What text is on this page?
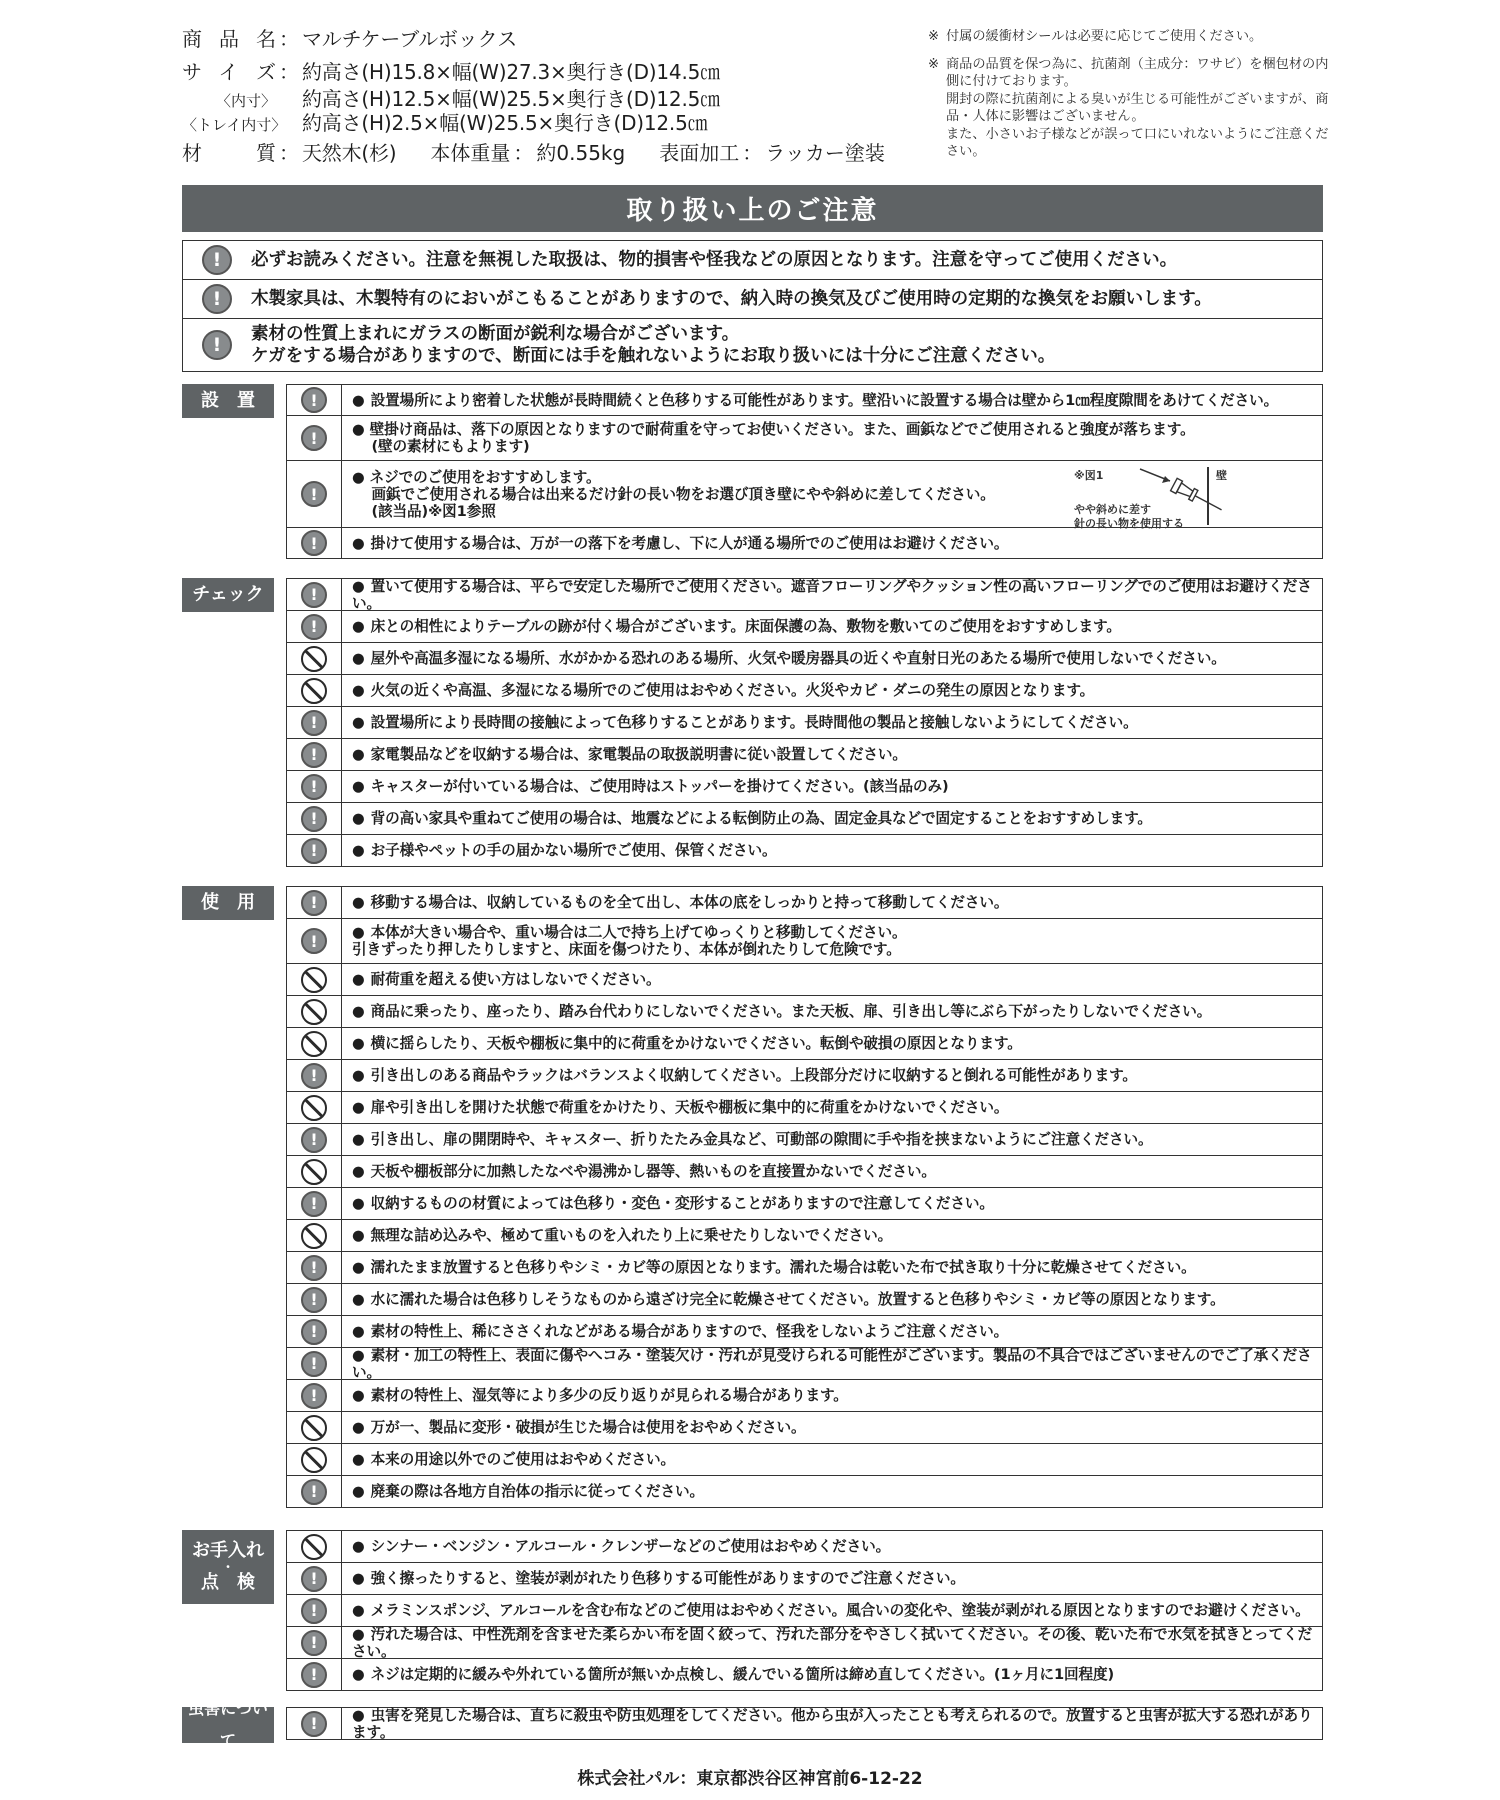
商品名 ： マルチケーブルボックス
サイズ ： 約高さ(H)15.8×幅(W)27.3×奥行き(D)14.5㎝
〈内寸〉 約高さ(H)12.5×幅(W)25.5×奥行き(D)12.5㎝
〈トレイ内寸〉 約高さ(H)2.5×幅(W)25.5×奥行き(D)12.5㎝
材　質 ： 天然木(杉) 本体重量 ： 約0.55kg 表面加工 ： ラッカー塗装
※ 付属の緩衝材シールは必要に応じてご使用ください。
※ 商品の品質を保つ為に、抗菌剤（主成分：ワサビ）を梱包材の内側に付けております。
開封の際に抗菌剤による臭いが生じる可能性がございますが、商品・人体に影響はございません。
また、小さいお子様などが誤って口にいれないようにご注意ください。
取り扱い上のご注意
!	必ずお読みください。注意を無視した取扱は、物的損害や怪我などの原因となります。注意を守ってご使用ください。
!	木製家具は、木製特有のにおいがこもることがありますので、納入時の換気及びご使用時の定期的な換気をお願いします。
!	素材の性質上まれにガラスの断面が鋭利な場合がございます。
ケガをする場合がありますので、断面には手を触れないようにお取り扱いには十分にご注意ください。
設　置	!	● 設置場所により密着した状態が長時間続くと色移りする可能性があります。壁沿いに設置する場合は壁から1㎝程度隙間をあけてください。
!	● 壁掛け商品は、落下の原因となりますので耐荷重を守ってお使いください。また、画鋲などでご使用されると強度が落ちます。
　 (壁の素材にもよります)
!
● ネジでのご使用をおすすめします。
　 画鋲でご使用される場合は出来るだけ針の長い物をお選び頂き壁にやや斜めに差してください。
　 (該当品)※図1参照
※図1	壁
やや斜めに差す
針の長い物を使用する
!	● 掛けて使用する場合は、万が一の落下を考慮し、下に人が通る場所でのご使用はお避けください。
チェック	!	● 置いて使用する場合は、平らで安定した場所でご使用ください。遮音フローリングやクッション性の高いフローリングでのご使用はお避けください。
!	● 床との相性によりテーブルの跡が付く場合がございます。床面保護の為、敷物を敷いてのご使用をおすすめします。
● 屋外や高温多湿になる場所、水がかかる恐れのある場所、火気や暖房器具の近くや直射日光のあたる場所で使用しないでください。
● 火気の近くや高温、多湿になる場所でのご使用はおやめください。火災やカビ・ダニの発生の原因となります。
!	● 設置場所により長時間の接触によって色移りすることがあります。長時間他の製品と接触しないようにしてください。
!	● 家電製品などを収納する場合は、家電製品の取扱説明書に従い設置してください。
!	● キャスターが付いている場合は、ご使用時はストッパーを掛けてください。(該当品のみ)
!	● 背の高い家具や重ねてご使用の場合は、地震などによる転倒防止の為、固定金具などで固定することをおすすめします。
!	● お子様やペットの手の届かない場所でご使用、保管ください。
使　用	!	● 移動する場合は、収納しているものを全て出し、本体の底をしっかりと持って移動してください。
!	● 本体が大きい場合や、重い場合は二人で持ち上げてゆっくりと移動してください。
引きずったり押したりしますと、床面を傷つけたり、本体が倒れたりして危険です。
● 耐荷重を超える使い方はしないでください。
● 商品に乗ったり、座ったり、踏み台代わりにしないでください。また天板、扉、引き出し等にぶら下がったりしないでください。
● 横に揺らしたり、天板や棚板に集中的に荷重をかけないでください。転倒や破損の原因となります。
!	● 引き出しのある商品やラックはバランスよく収納してください。上段部分だけに収納すると倒れる可能性があります。
● 扉や引き出しを開けた状態で荷重をかけたり、天板や棚板に集中的に荷重をかけないでください。
!	● 引き出し、扉の開閉時や、キャスター、折りたたみ金具など、可動部の隙間に手や指を挟まないようにご注意ください。
● 天板や棚板部分に加熱したなべや湯沸かし器等、熱いものを直接置かないでください。
!	● 収納するものの材質によっては色移り・変色・変形することがありますので注意してください。
● 無理な詰め込みや、極めて重いものを入れたり上に乗せたりしないでください。
!	● 濡れたまま放置すると色移りやシミ・カビ等の原因となります。濡れた場合は乾いた布で拭き取り十分に乾燥させてください。
!	● 水に濡れた場合は色移りしそうなものから遠ざけ完全に乾燥させてください。放置すると色移りやシミ・カビ等の原因となります。
!	● 素材の特性上、稀にささくれなどがある場合がありますので、怪我をしないようご注意ください。
!	● 素材・加工の特性上、表面に傷やへコみ・塗装欠け・汚れが見受けられる可能性がございます。製品の不具合ではございませんのでご了承ください。
!	● 素材の特性上、湿気等により多少の反り返りが見られる場合があります。
● 万が一、製品に変形・破損が生じた場合は使用をおやめください。
● 本来の用途以外でのご使用はおやめください。
!	● 廃棄の際は各地方自治体の指示に従ってください。
お手入れ
・
点　検
● シンナー・ベンジン・アルコール・クレンザーなどのご使用はおやめください。
!	● 強く擦ったりすると、塗装が剥がれたり色移りする可能性がありますのでご注意ください。
!	● メラミンスポンジ、アルコールを含む布などのご使用はおやめください。風合いの変化や、塗装が剥がれる原因となりますのでお避けください。
!	● 汚れた場合は、中性洗剤を含ませた柔らかい布を固く絞って、汚れた部分をやさしく拭いてください。その後、乾いた布で水気を拭きとってください。
!	● ネジは定期的に緩みや外れている箇所が無いか点検し、緩んでいる箇所は締め直してください。(1ヶ月に1回程度)
虫害について
!	● 虫害を発見した場合は、直ちに殺虫や防虫処理をしてください。他から虫が入ったことも考えられるので。放置すると虫害が拡大する恐れがあります。
株式会社パル：東京都渋谷区神宮前6-12-22
